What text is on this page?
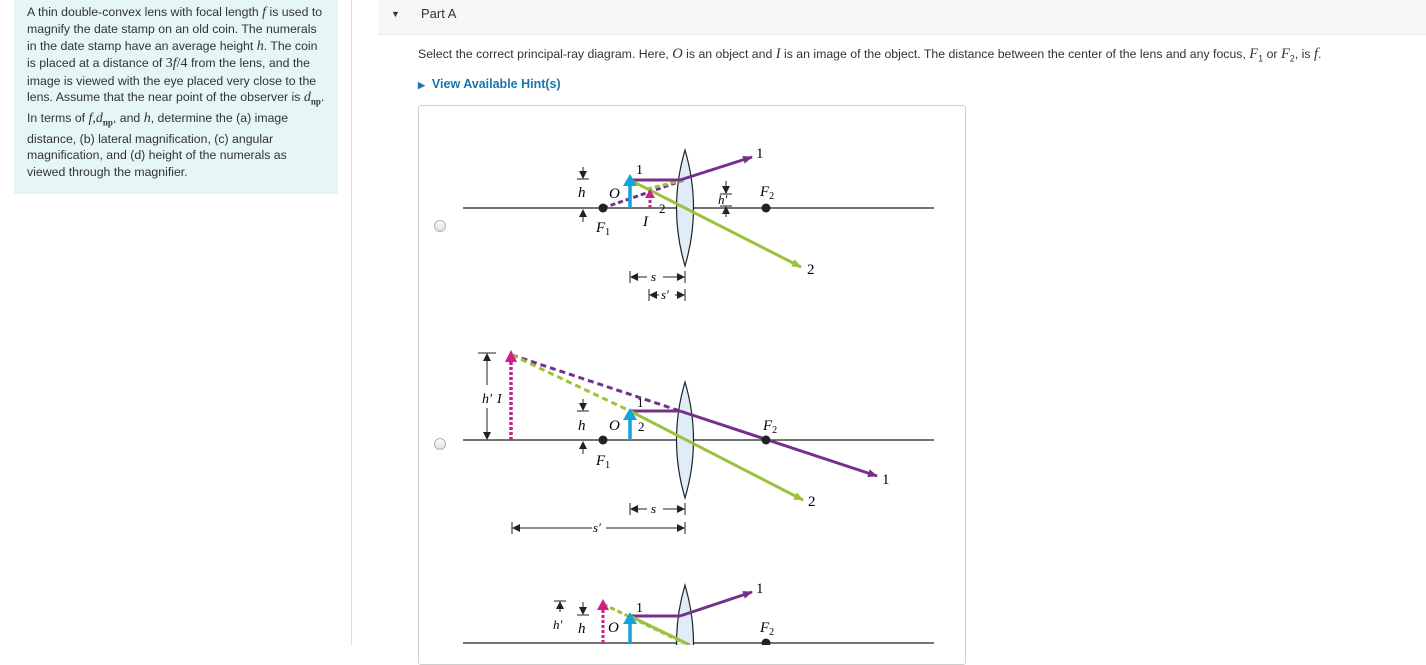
A thin double-convex lens with focal length f is used to magnify the date stamp on an old coin. The numerals in the date stamp have an average height h. The coin is placed at a distance of 3f/4 from the lens, and the image is viewed with the eye placed very close to the lens. Assume that the near point of the observer is $d_{np}$. In terms of $f,d_{np}$, and h, determine the (a) image distance, (b) lateral magnification, (c) angular magnification, and (d) height of the numerals as viewed through the magnifier.
▼ Part A
Select the correct principal-ray diagram. Here, O is an object and I is an image of the object. The distance between the center of the lens and any focus, $F_1$ or $F_2$, is f.
▶ View Available Hint(s)
h O
1
2
I
$F_1$
h′ $F_2$
1
2
s
s′
h′ I
h O
1
2
$F_1$
$F_2$
1
2
s
s′
h′ h O
1
1
$F_2$
